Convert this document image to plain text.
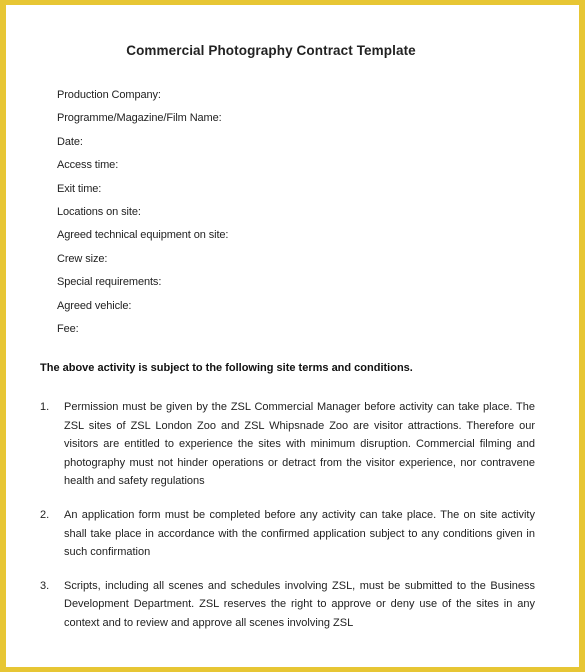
Commercial Photography Contract Template
Production Company:
Programme/Magazine/Film Name:
Date:
Access time:
Exit time:
Locations on site:
Agreed technical equipment on site:
Crew size:
Special requirements:
Agreed vehicle:
Fee:
The above activity is subject to the following site terms and conditions.
1. Permission must be given by the ZSL Commercial Manager before activity can take place. The ZSL sites of ZSL London Zoo and ZSL Whipsnade Zoo are visitor attractions. Therefore our visitors are entitled to experience the sites with minimum disruption. Commercial filming and photography must not hinder operations or detract from the visitor experience, nor contravene health and safety regulations
2. An application form must be completed before any activity can take place. The on site activity shall take place in accordance with the confirmed application subject to any conditions given in such confirmation
3. Scripts, including all scenes and schedules involving ZSL, must be submitted to the Business Development Department. ZSL reserves the right to approve or deny use of the sites in any context and to review and approve all scenes involving ZSL
